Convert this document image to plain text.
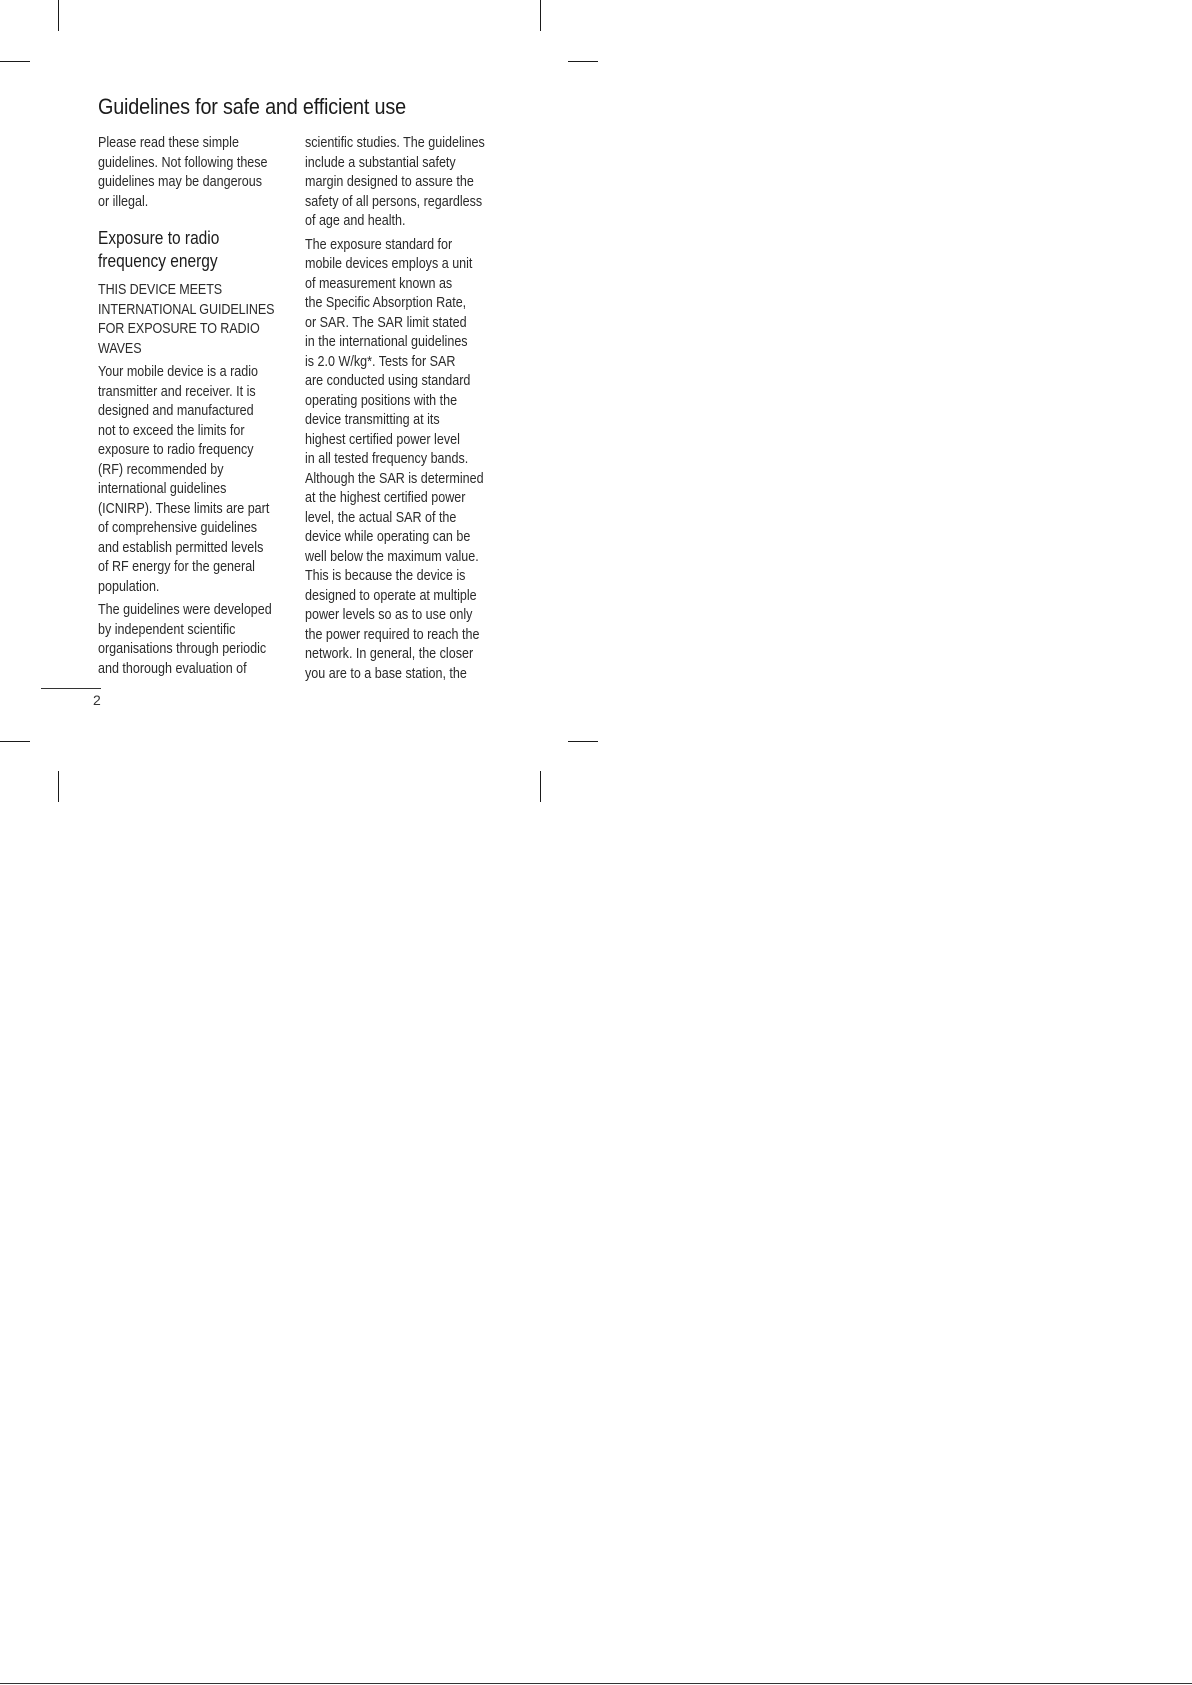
Guidelines for safe and efficient use

Please read these simple
guidelines. Not following these
guidelines may be dangerous
or illegal.

Exposure to radio
frequency energy

THIS DEVICE MEETS
INTERNATIONAL GUIDELINES
FOR EXPOSURE TO RADIO
WAVES

Your mobile device is a radio
transmitter and receiver. It is
designed and manufactured
not to exceed the limits for
exposure to radio frequency
(RF) recommended by
international guidelines
(ICNIRP). These limits are part
of comprehensive guidelines
and establish permitted levels
of RF energy for the general
population.

The guidelines were developed
by independent scientific
organisations through periodic
and thorough evaluation of

scientific studies. The guidelines
include a substantial safety
margin designed to assure the
safety of all persons, regardless
of age and health.

The exposure standard for
mobile devices employs a unit
of measurement known as
the Specific Absorption Rate,
or SAR. The SAR limit stated
in the international guidelines
is 2.0 W/kg*. Tests for SAR
are conducted using standard
operating positions with the
device transmitting at its
highest certified power level
in all tested frequency bands.
Although the SAR is determined
at the highest certified power
level, the actual SAR of the
device while operating can be
well below the maximum value.
This is because the device is
designed to operate at multiple
power levels so as to use only
the power required to reach the
network. In general, the closer
you are to a base station, the

2
